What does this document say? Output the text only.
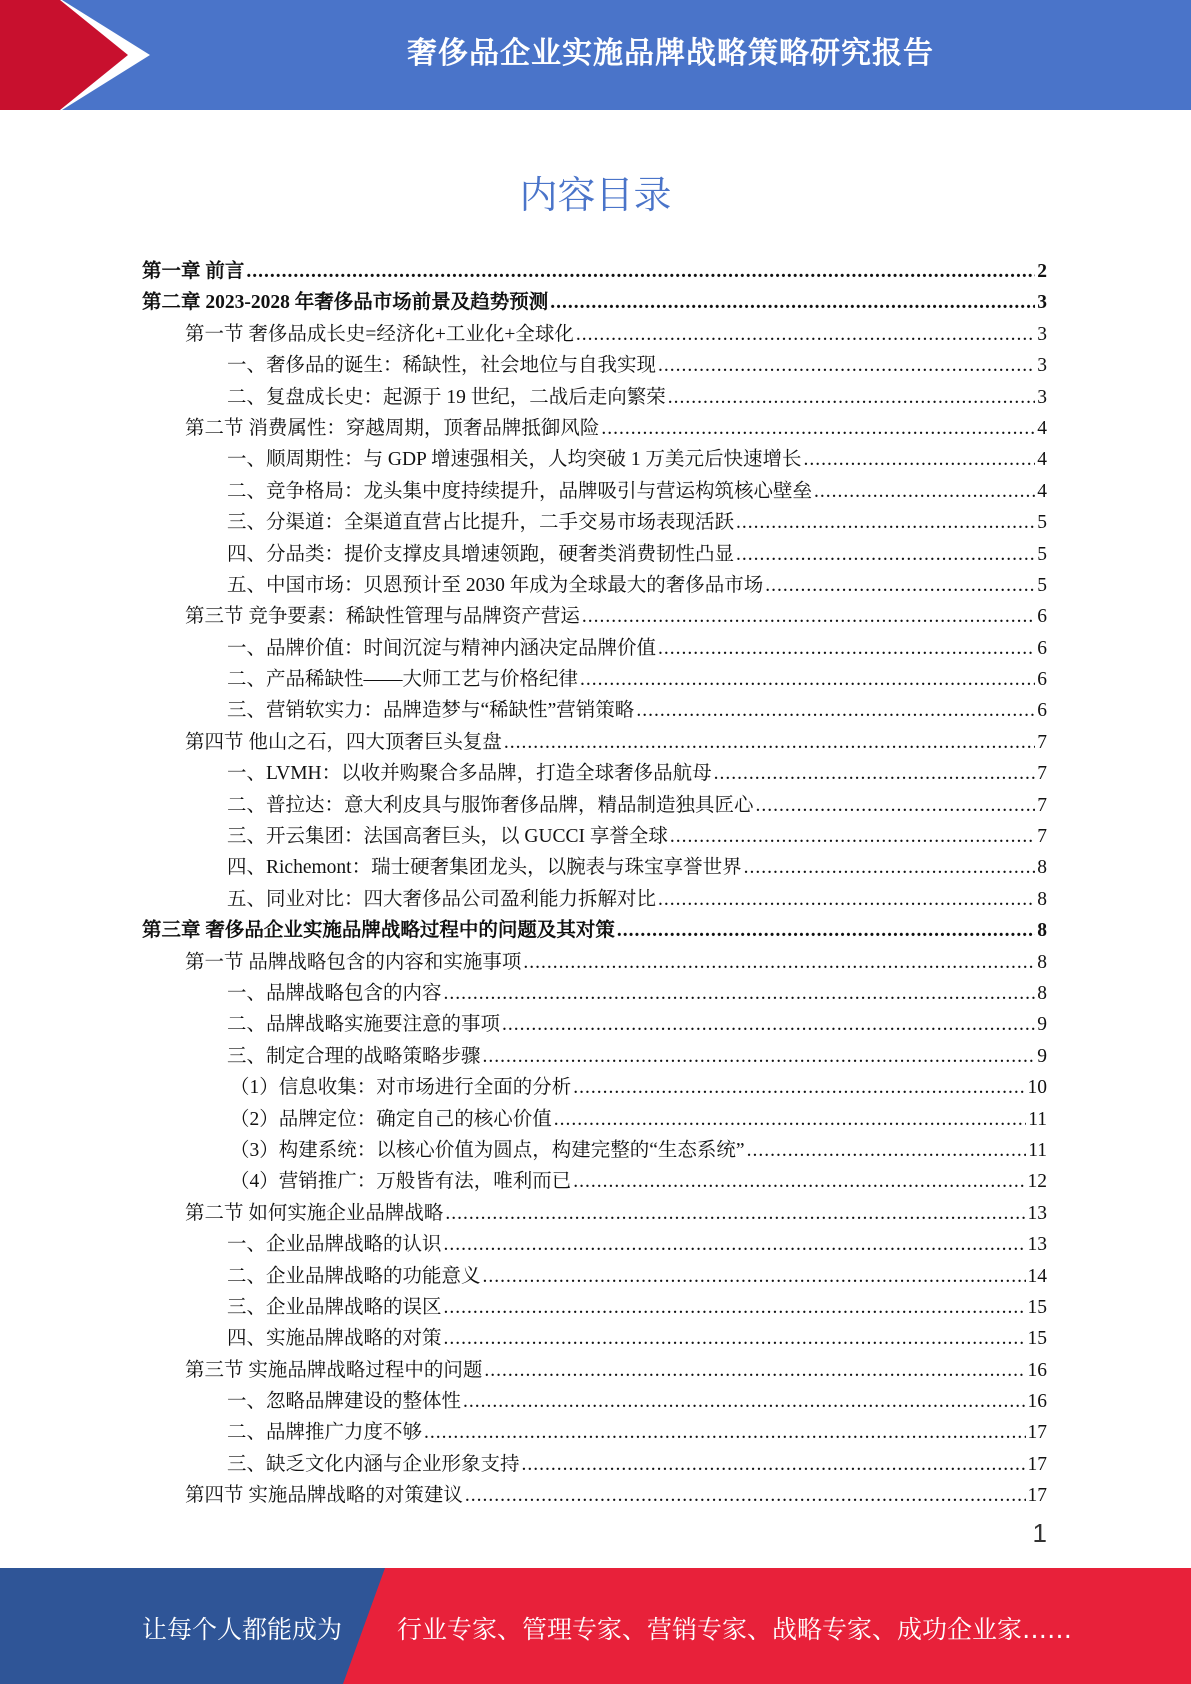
奢侈品企业实施品牌战略策略研究报告
内容目录
第一章 前言 .....	2
第二章 2023-2028 年奢侈品市场前景及趋势预测 .....	3
第一节 奢侈品成长史=经济化+工业化+全球化 .....	3
一、奢侈品的诞生：稀缺性，社会地位与自我实现 .....	3
二、复盘成长史：起源于 19 世纪，二战后走向繁荣 .....	3
第二节 消费属性：穿越周期，顶奢品牌抵御风险 .....	4
一、顺周期性：与 GDP 增速强相关，人均突破 1 万美元后快速增长 .....	4
二、竞争格局：龙头集中度持续提升，品牌吸引与营运构筑核心壁垒 .....	4
三、分渠道：全渠道直营占比提升，二手交易市场表现活跃 .....	5
四、分品类：提价支撑皮具增速领跑，硬奢类消费韧性凸显 .....	5
五、中国市场：贝恩预计至 2030 年成为全球最大的奢侈品市场 .....	5
第三节 竞争要素：稀缺性管理与品牌资产营运 .....	6
一、品牌价值：时间沉淀与精神内涵决定品牌价值 .....	6
二、产品稀缺性——大师工艺与价格纪律 .....	6
三、营销软实力：品牌造梦与“稀缺性”营销策略 .....	6
第四节 他山之石，四大顶奢巨头复盘 .....	7
一、LVMH：以收并购聚合多品牌，打造全球奢侈品航母 .....	7
二、普拉达：意大利皮具与服饰奢侈品牌，精品制造独具匠心 .....	7
三、开云集团：法国高奢巨头，以 GUCCI 享誉全球 .....	7
四、Richemont：瑞士硬奢集团龙头，以腕表与珠宝享誉世界 .....	8
五、同业对比：四大奢侈品公司盈利能力拆解对比 .....	8
第三章 奢侈品企业实施品牌战略过程中的问题及其对策 .....	8
第一节 品牌战略包含的内容和实施事项 .....	8
一、品牌战略包含的内容 .....	8
二、品牌战略实施要注意的事项 .....	9
三、制定合理的战略策略步骤 .....	9
（1）信息收集：对市场进行全面的分析 .....	10
（2）品牌定位：确定自己的核心价值 .....	11
（3）构建系统：以核心价值为圆点，构建完整的“生态系统” .....	11
（4）营销推广：万般皆有法，唯利而已 .....	12
第二节 如何实施企业品牌战略 .....	13
一、企业品牌战略的认识 .....	13
二、企业品牌战略的功能意义 .....	14
三、企业品牌战略的误区 .....	15
四、实施品牌战略的对策 .....	15
第三节 实施品牌战略过程中的问题 .....	16
一、忽略品牌建设的整体性 .....	16
二、品牌推广力度不够 .....	17
三、缺乏文化内涵与企业形象支持 .....	17
第四节 实施品牌战略的对策建议 .....	17
1
让每个人都能成为 行业专家、管理专家、营销专家、战略专家、成功企业家……
